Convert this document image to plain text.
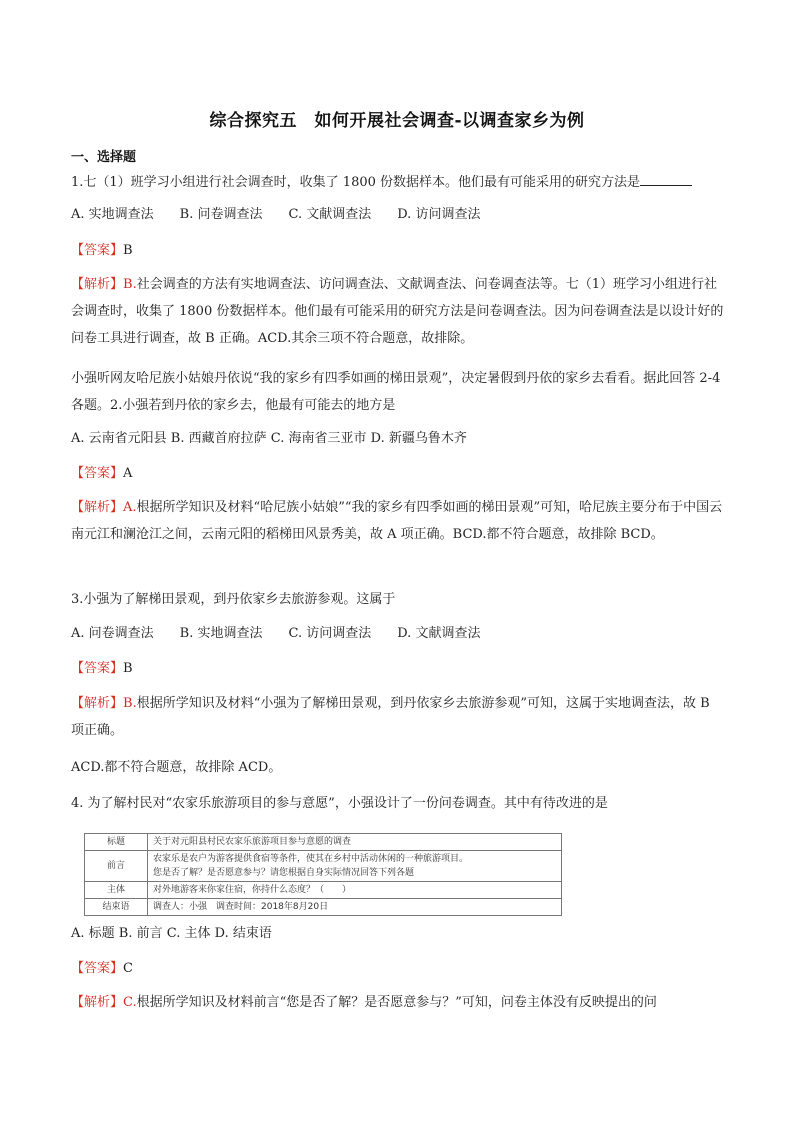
综合探究五　如何开展社会调查-以调查家乡为例
一、选择题
1.七（1）班学习小组进行社会调查时，收集了 1800 份数据样本。他们最有可能采用的研究方法是
A. 实地调查法　　B. 问卷调查法　　C. 文献调查法　　D. 访问调查法
【答案】B
【解析】B.社会调查的方法有实地调查法、访问调查法、文献调查法、问卷调查法等。七（1）班学习小组进行社会调查时，收集了 1800 份数据样本。他们最有可能采用的研究方法是问卷调查法。因为问卷调查法是以设计好的问卷工具进行调查，故 B 正确。ACD.其余三项不符合题意，故排除。
小强听网友哈尼族小姑娘丹依说“我的家乡有四季如画的梯田景观”，决定暑假到丹依的家乡去看看。据此回答 2-4 各题。2.小强若到丹依的家乡去，他最有可能去的地方是
A. 云南省元阳县 B. 西藏首府拉萨 C. 海南省三亚市 D. 新疆乌鲁木齐
【答案】A
【解析】A.根据所学知识及材料“哈尼族小姑娘”“我的家乡有四季如画的梯田景观”可知，哈尼族主要分布于中国云南元江和澜沧江之间，云南元阳的稻梯田风景秀美，故 A 项正确。BCD.都不符合题意，故排除 BCD。
3.小强为了解梯田景观，到丹依家乡去旅游参观。这属于
A. 问卷调查法　　B. 实地调查法　　C. 访问调查法　　D. 文献调查法
【答案】B
【解析】B.根据所学知识及材料“小强为了解梯田景观，到丹依家乡去旅游参观”可知，这属于实地调查法，故 B 项正确。
ACD.都不符合题意，故排除 ACD。
4. 为了解村民对“农家乐旅游项目的参与意愿”，小强设计了一份问卷调查。其中有待改进的是
标题	关于对元阳县村民农家乐旅游项目参与意愿的调查
前言	农家乐是农户为游客提供食宿等条件，使其在乡村中活动休闲的一种旅游项目。
您是否了解？是否愿意参与？请您根据自身实际情况回答下列各题

主体	对外地游客来你家住宿，你持什么态度？（　　）
结束语	调查人：小强　调查时间：2018年8月20日
A. 标题 B. 前言 C. 主体 D. 结束语
【答案】C
【解析】C.根据所学知识及材料前言“您是否了解？是否愿意参与？”可知，问卷主体没有反映提出的问
